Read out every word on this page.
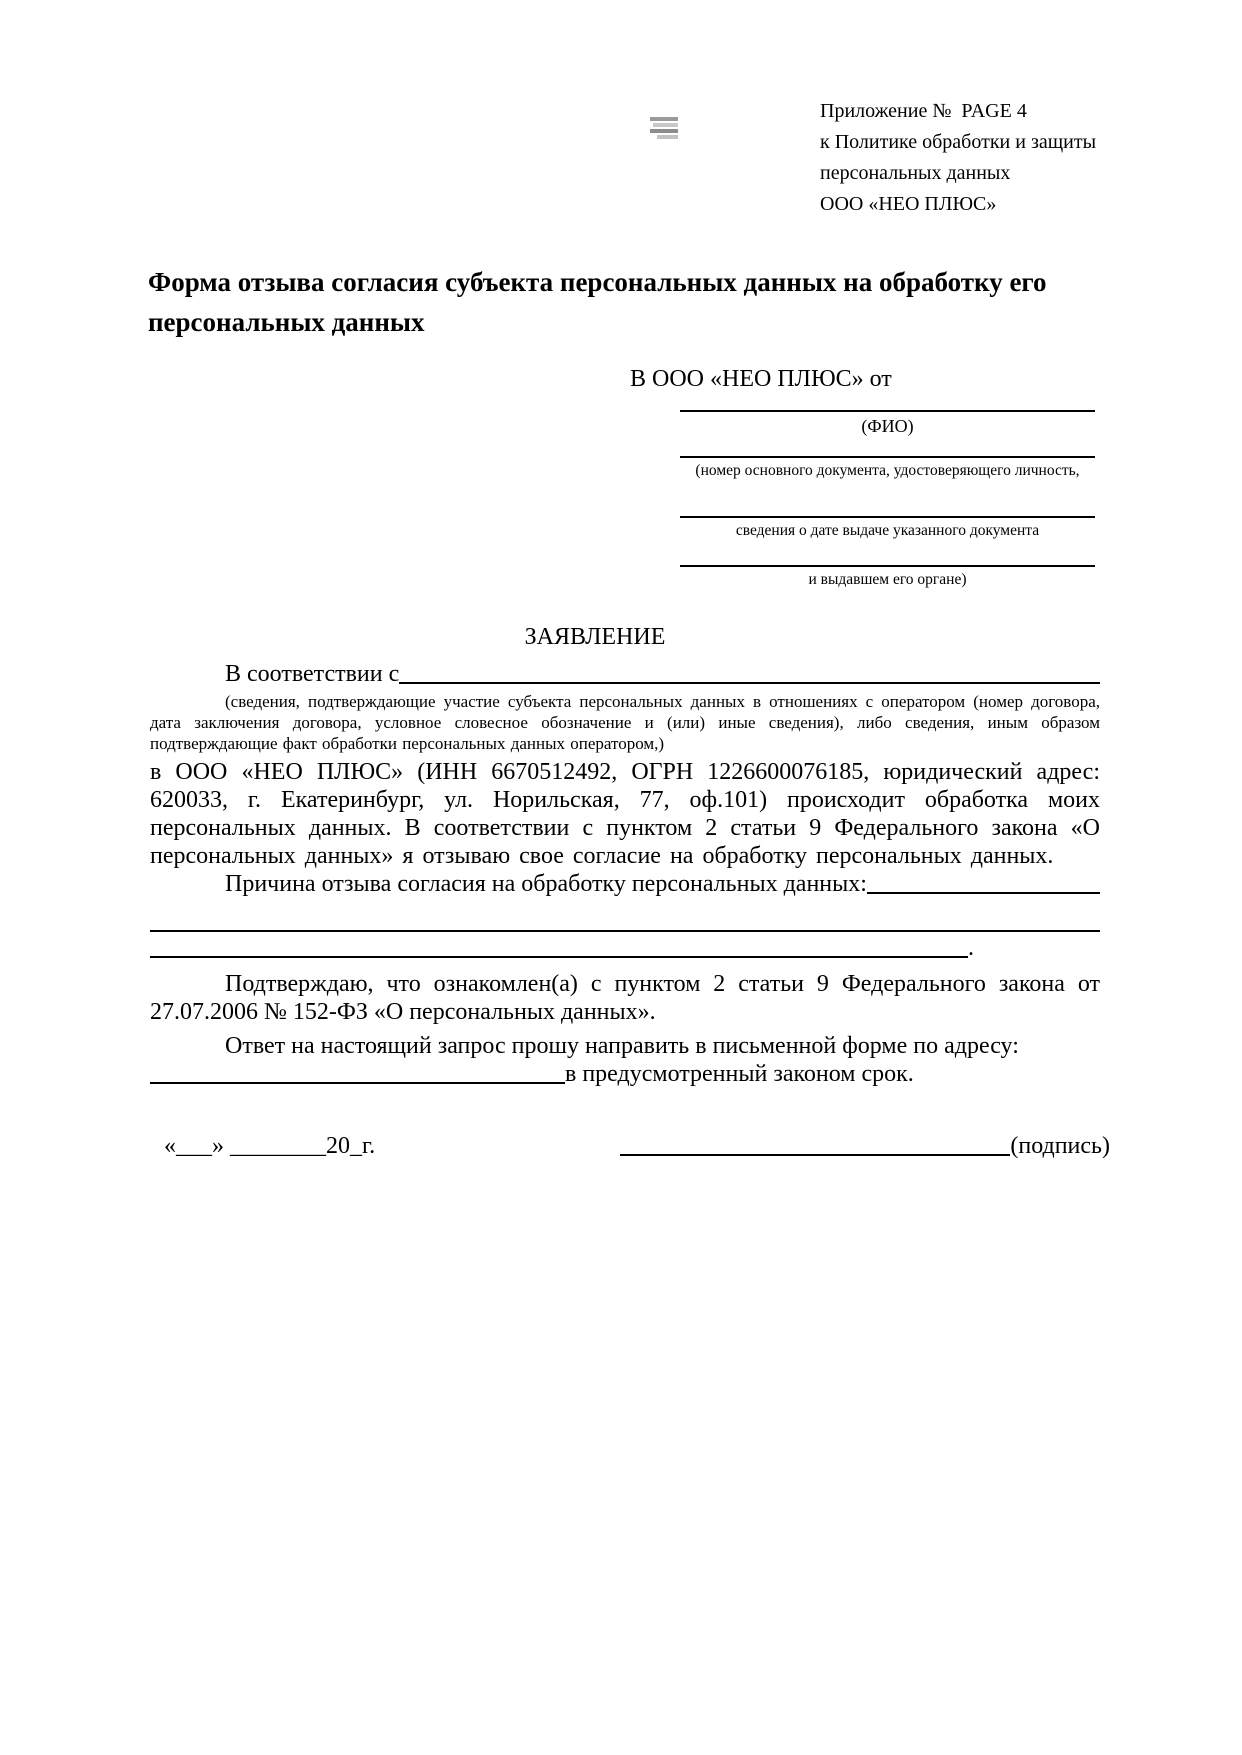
Приложение №  PAGE 4
к Политике обработки и защиты
персональных данных
ООО «НЕО ПЛЮС»
Форма отзыва согласия субъекта персональных данных на обработку его персональных данных
В ООО «НЕО ПЛЮС» от
(ФИО)
(номер основного документа, удостоверяющего личность,
сведения о дате выдаче указанного документа
и выдавшем его органе)
ЗАЯВЛЕНИЕ
В соответствии с

(сведения, подтверждающие участие субъекта персональных данных в отношениях с оператором (номер договора, дата заключения договора, условное словесное обозначение и (или) иные сведения), либо сведения, иным образом подтверждающие факт обработки персональных данных оператором,)

в ООО «НЕО ПЛЮС» (ИНН 6670512492, ОГРН 1226600076185, юридический адрес: 620033, г. Екатеринбург, ул. Норильская, 77, оф.101) происходит обработка моих персональных данных. В соответствии с пунктом 2 статьи 9 Федерального закона «О персональных данных» я отзываю свое согласие на обработку персональных данных.

Причина отзыва согласия на обработку персональных данных:
.

Подтверждаю, что ознакомлен(а) с пунктом 2 статьи 9 Федерального закона от 27.07.2006 № 152-ФЗ «О персональных данных».

Ответ на настоящий запрос прошу направить в письменной форме по адресу:

в предусмотренный законом срок.
«___» ________20_г.	(подпись)
